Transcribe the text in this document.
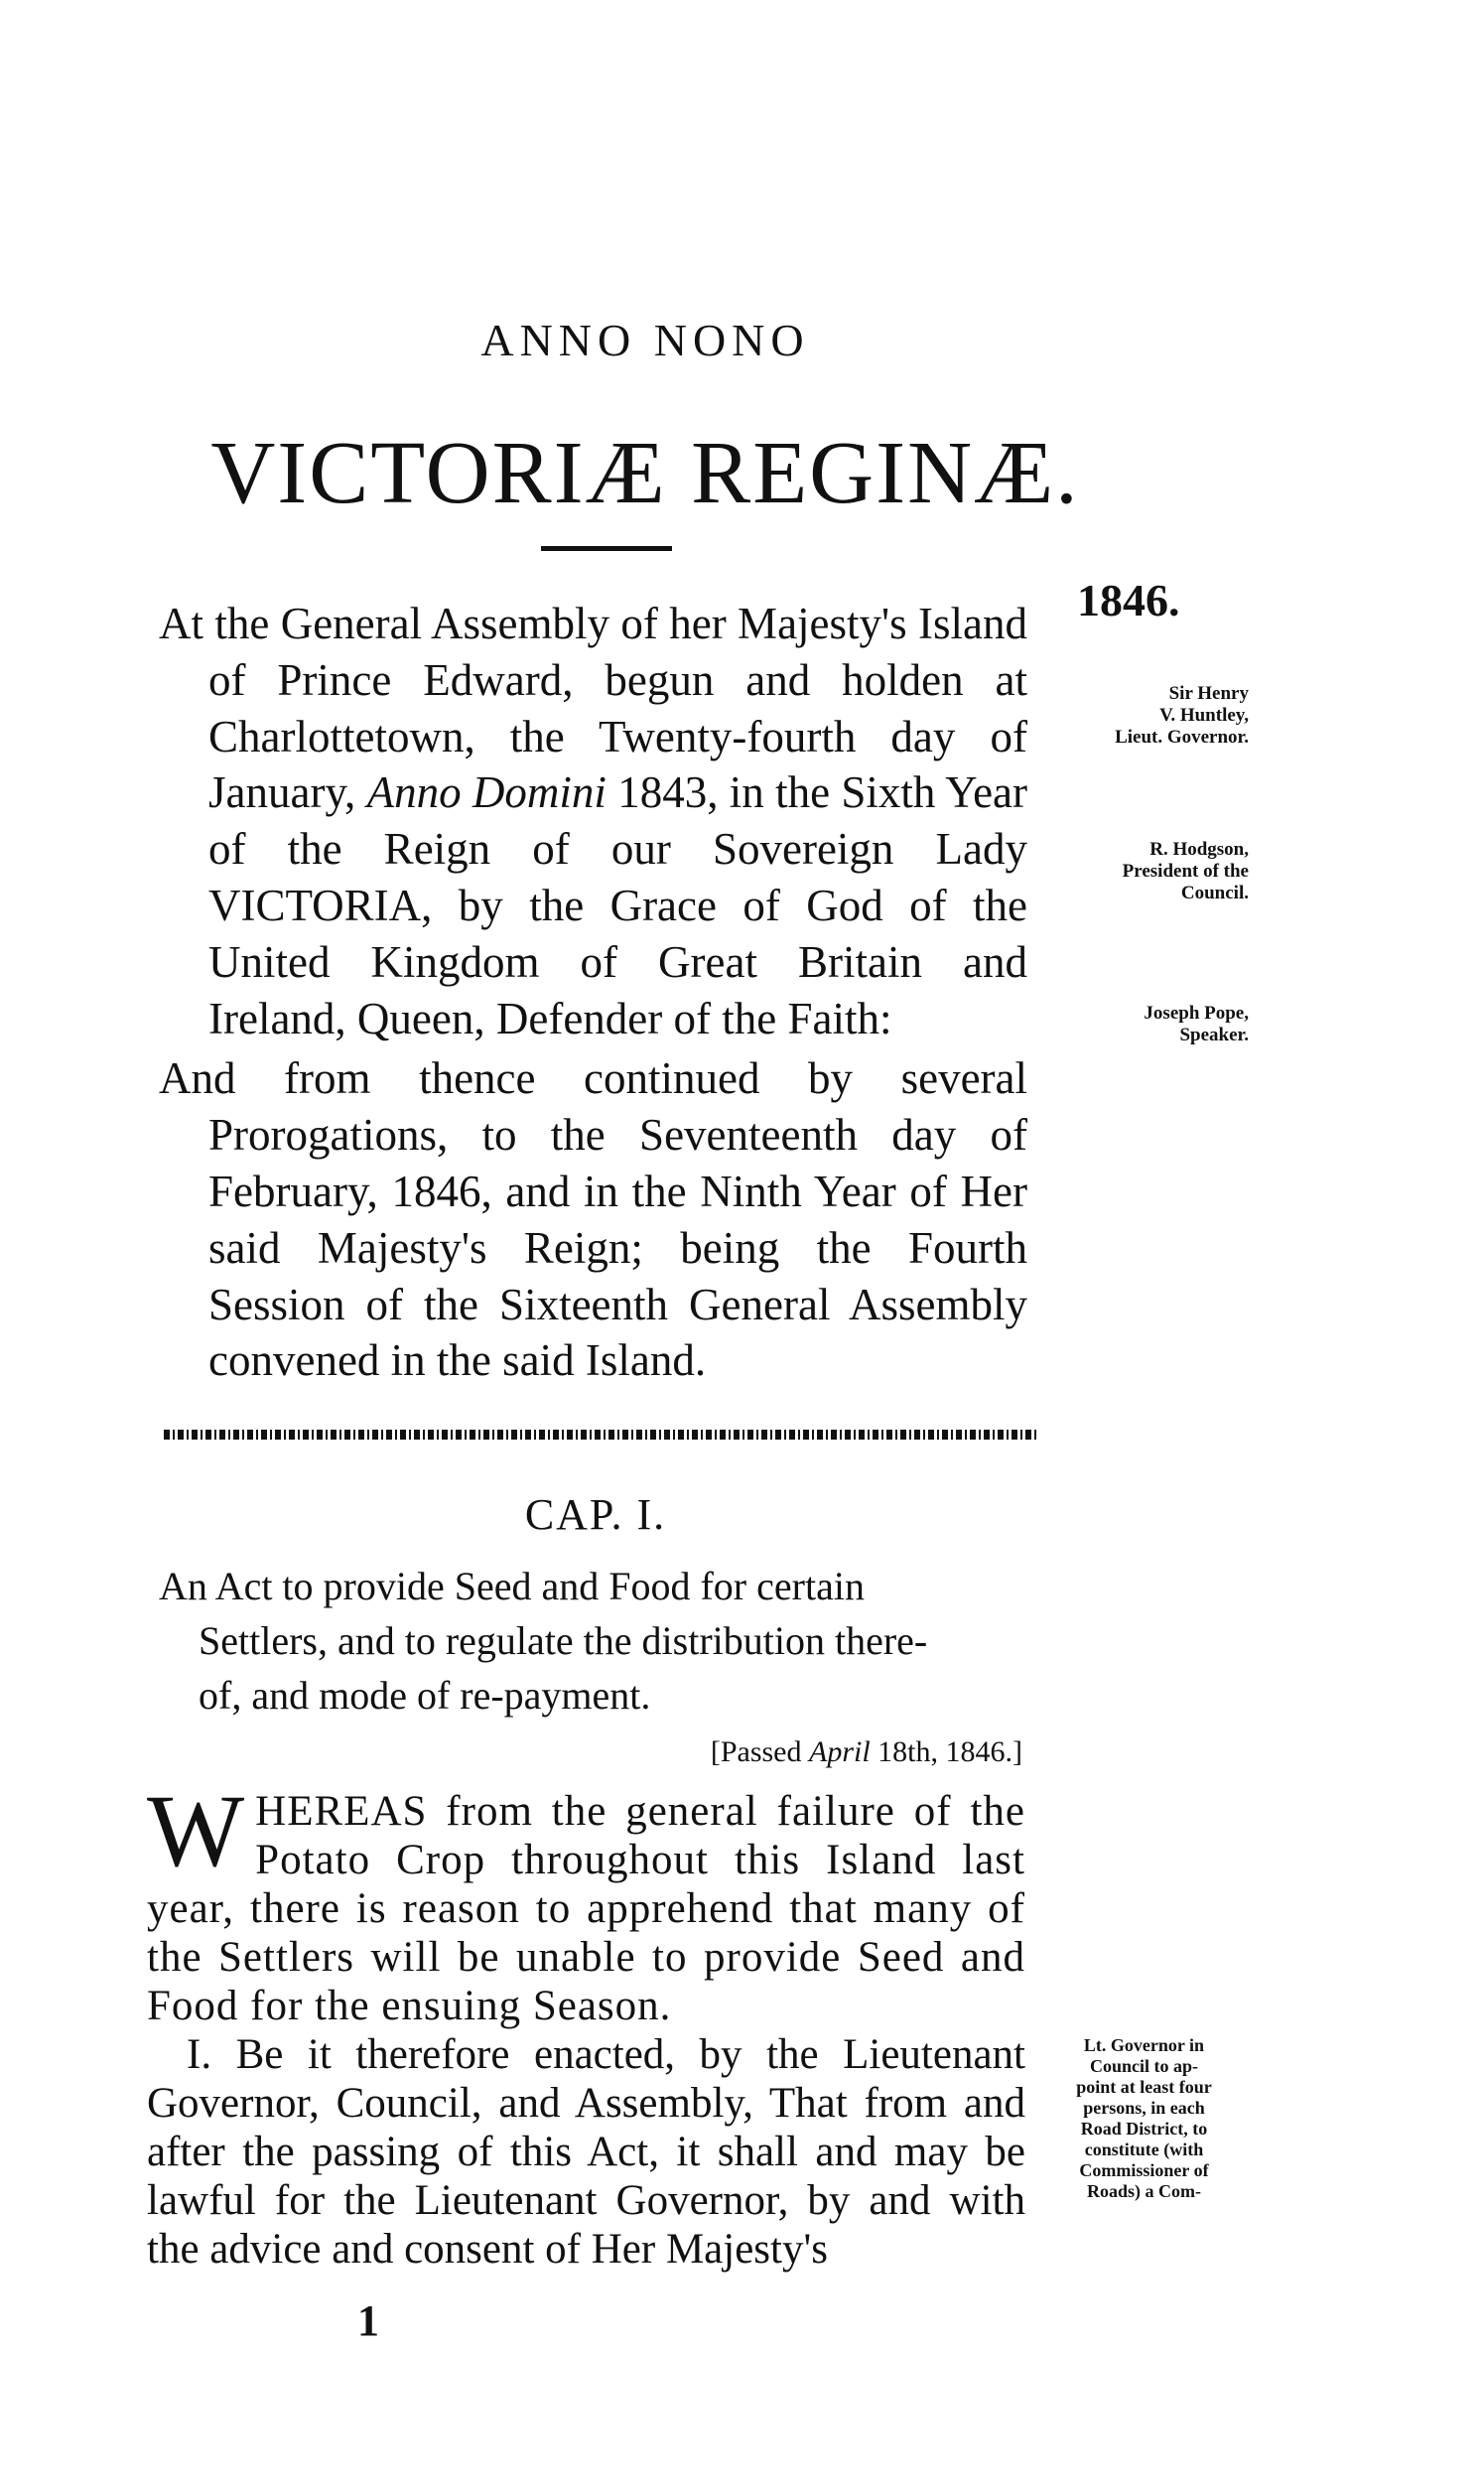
ANNO NONO
VICTORIÆ REGINÆ.
1846.

At the General Assembly of her Majesty's Island of Prince Edward, begun and holden at Charlottetown, the Twenty-fourth day of January, Anno Domini 1843, in the Sixth Year of the Reign of our Sovereign Lady VICTORIA, by the Grace of God of the United Kingdom of Great Britain and Ireland, Queen, Defender of the Faith:

And from thence continued by several Prorogations, to the Seventeenth day of February, 1846, and in the Ninth Year of Her said Majesty's Reign; being the Fourth Session of the Sixteenth General Assembly convened in the said Island.

Sir Henry
V. Huntley,
Lieut. Governor.
R. Hodgson,
President of the
Council.
Joseph Pope,
Speaker.
CAP. I.

An Act to provide Seed and Food for certain

Settlers, and to regulate the distribution there-

of, and mode of re-payment.

[Passed April 18th, 1846.]

WHEREAS from the general failure of the Potato Crop throughout this Island last year, there is reason to apprehend that many of the Settlers will be unable to provide Seed and Food for the ensuing Season.

I. Be it therefore enacted, by the Lieutenant Governor, Council, and Assembly, That from and after the passing of this Act, it shall and may be lawful for the Lieutenant Governor, by and with the advice and consent of Her Majesty's

Lt. Governor in
Council to ap-
point at least four
persons, in each
Road District, to
constitute (with
Commissioner of
Roads) a Com-
1
